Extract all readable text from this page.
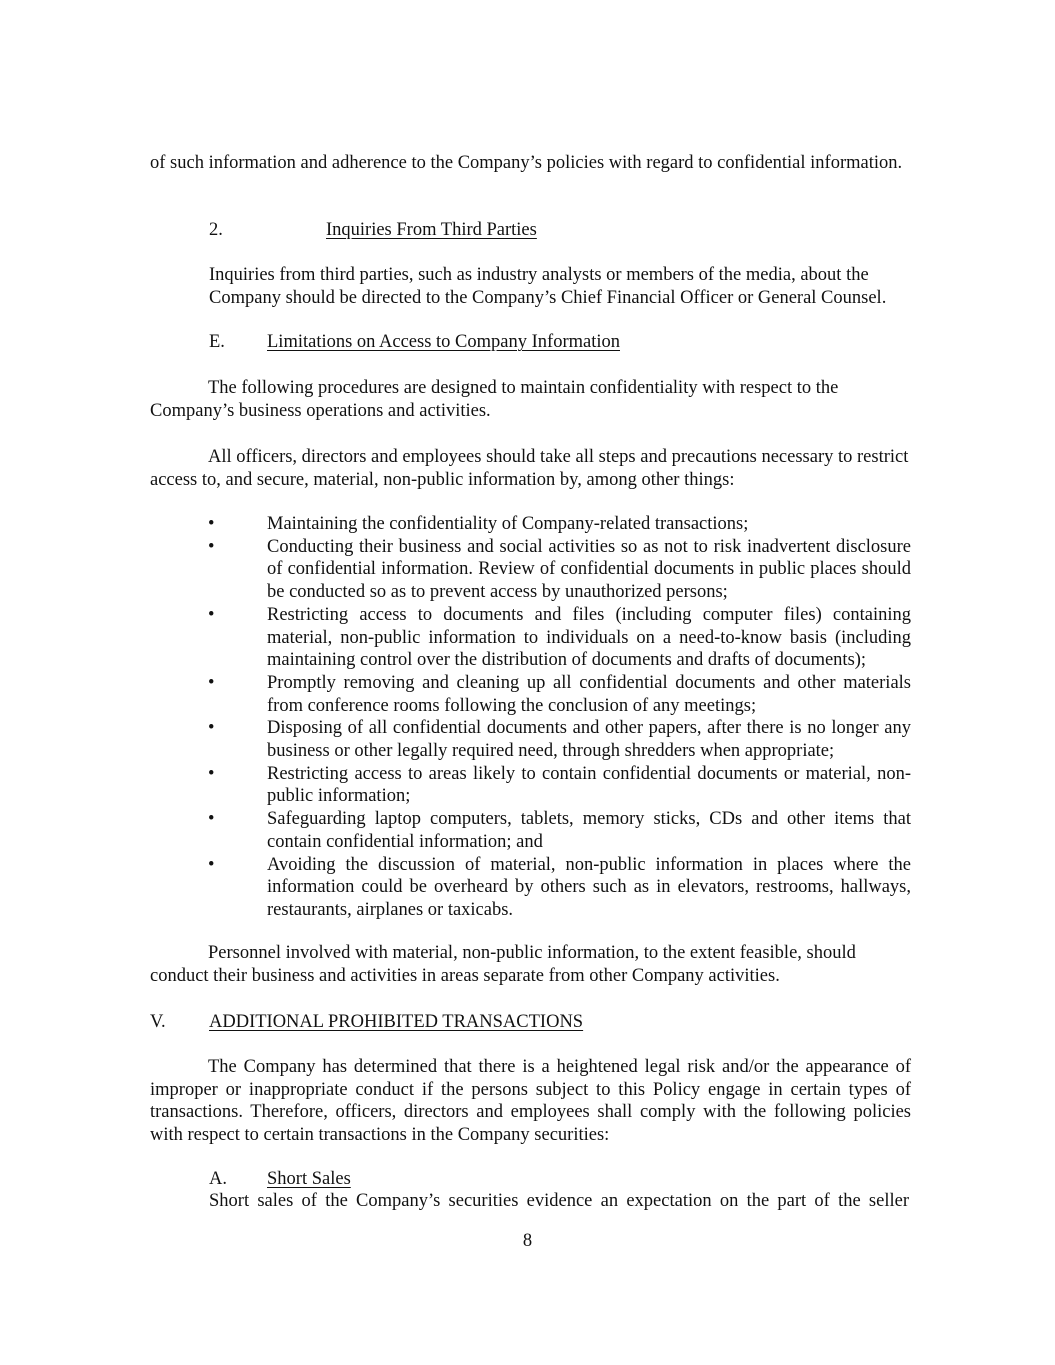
of such information and adherence to the Company’s policies with regard to confidential information.

2.	Inquiries From Third Parties

Inquiries from third parties, such as industry analysts or members of the media, about the Company should be directed to the Company’s Chief Financial Officer or General Counsel.

E. Limitations on Access to Company Information

The following procedures are designed to maintain confidentiality with respect to the Company’s business operations and activities.

All officers, directors and employees should take all steps and precautions necessary to restrict access to, and secure, material, non-public information by, among other things:

•	Maintaining the confidentiality of Company-related transactions;
•	Conducting their business and social activities so as not to risk inadvertent disclosure of confidential information. Review of confidential documents in public places should be conducted so as to prevent access by unauthorized persons;
•	Restricting access to documents and files (including computer files) containing material, non-public information to individuals on a need-to-know basis (including maintaining control over the distribution of documents and drafts of documents);
•	Promptly removing and cleaning up all confidential documents and other materials from conference rooms following the conclusion of any meetings;
•	Disposing of all confidential documents and other papers, after there is no longer any business or other legally required need, through shredders when appropriate;
•	Restricting access to areas likely to contain confidential documents or material, non-public information;
•	Safeguarding laptop computers, tablets, memory sticks, CDs and other items that contain confidential information; and
•	Avoiding the discussion of material, non-public information in places where the information could be overheard by others such as in elevators, restrooms, hallways, restaurants, airplanes or taxicabs.

Personnel involved with material, non-public information, to the extent feasible, should conduct their business and activities in areas separate from other Company activities.

V. ADDITIONAL PROHIBITED TRANSACTIONS

The Company has determined that there is a heightened legal risk and/or the appearance of improper or inappropriate conduct if the persons subject to this Policy engage in certain types of transactions. Therefore, officers, directors and employees shall comply with the following policies with respect to certain transactions in the Company securities:

A. Short Sales

Short sales of the Company’s securities evidence an expectation on the part of the seller

8
